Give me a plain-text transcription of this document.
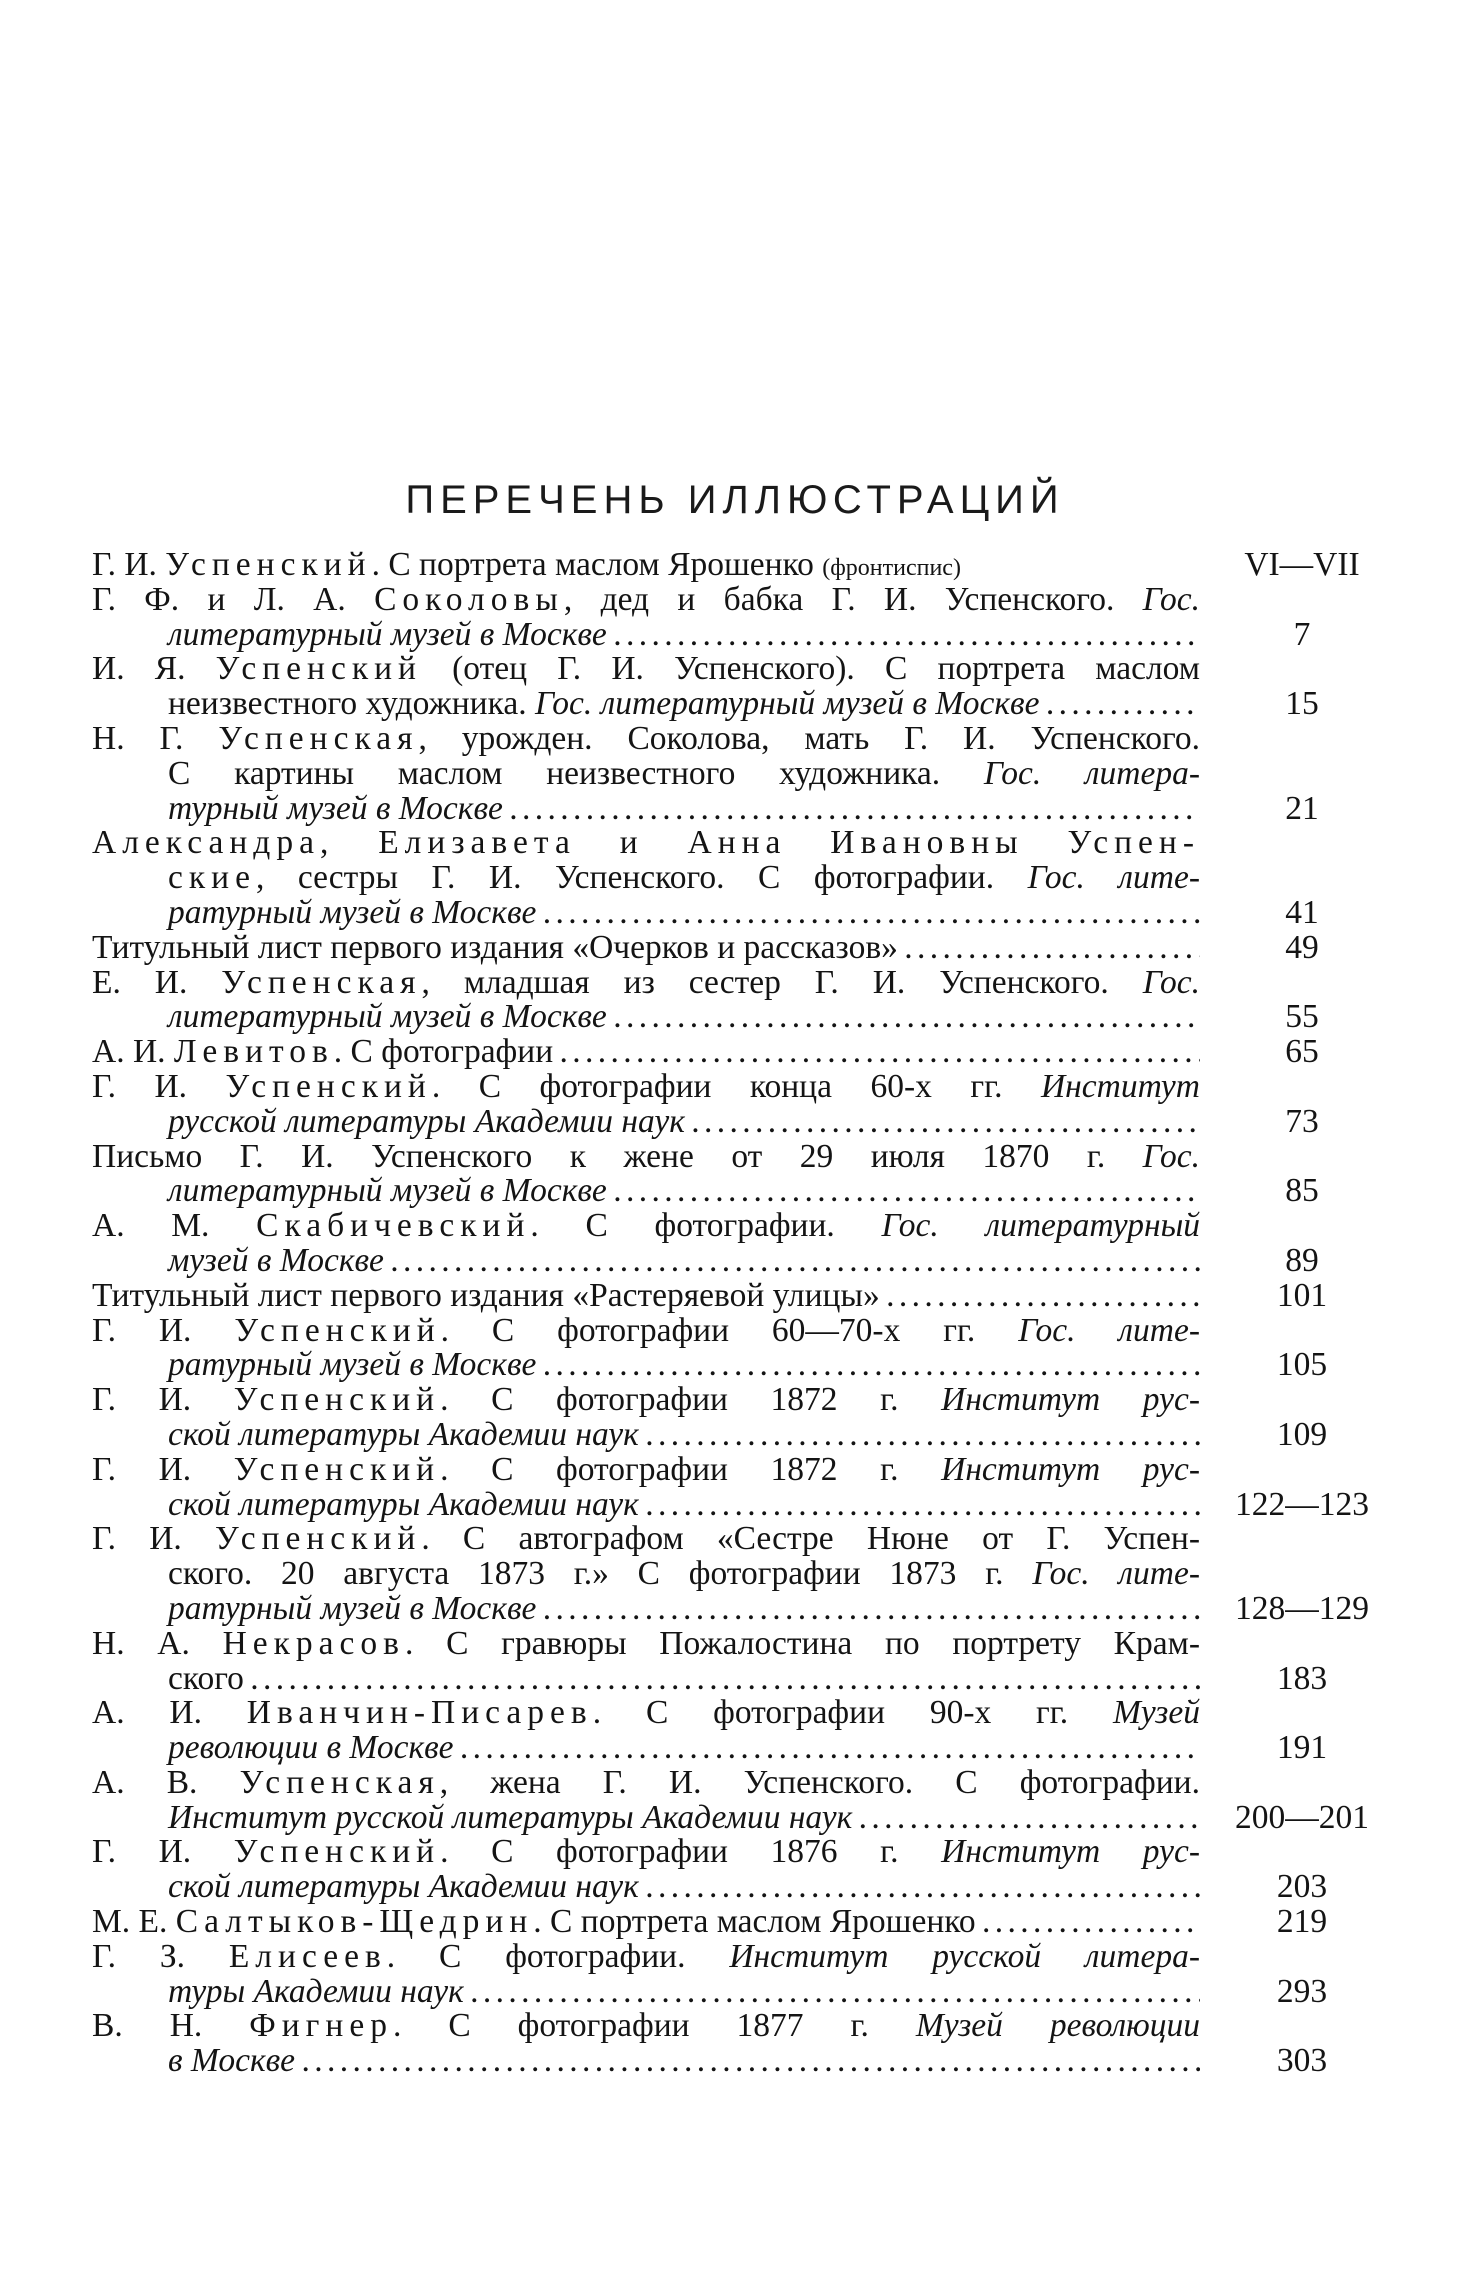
ПЕРЕЧЕНЬ ИЛЛЮСТРАЦИЙ
Г. И. Успенский. С портрета маслом Ярошенко (фронтиспис)	VI—VII
Г. Ф. и Л. А. Соколовы, дед и бабка Г. И. Успенского. Гос.
литературный музей в Москве . . .	7
И. Я. Успенский (отец Г. И. Успенского). С портрета маслом
неизвестного художника. Гос. литературный музей в Москве . . .	15
Н. Г. Успенская, урожден. Соколова, мать Г. И. Успенского.
С картины маслом неизвестного художника. Гос. литера-
турный музей в Москве . . .	21
Александра, Елизавета и Анна Ивановны Успен-
ские, сестры Г. И. Успенского. С фотографии. Гос. лите-
ратурный музей в Москве . . .	41
Титульный лист первого издания «Очерков и рассказов» . . .	49
Е. И. Успенская, младшая из сестер Г. И. Успенского. Гос.
литературный музей в Москве . . .	55
А. И. Левитов. С фотографии . . .	65
Г. И. Успенский. С фотографии конца 60-х гг. Институт
русской литературы Академии наук . . .	73
Письмо Г. И. Успенского к жене от 29 июля 1870 г. Гос.
литературный музей в Москве . . .	85
А. М. Скабичевский. С фотографии. Гос. литературный
музей в Москве . . .	89
Титульный лист первого издания «Растеряевой улицы» . . .	101
Г. И. Успенский. С фотографии 60—70-х гг. Гос. лите-
ратурный музей в Москве . . .	105
Г. И. Успенский. С фотографии 1872 г. Институт рус-
ской литературы Академии наук . . .	109
Г. И. Успенский. С фотографии 1872 г. Институт рус-
ской литературы Академии наук . . .	122—123
Г. И. Успенский. С автографом «Сестре Нюне от Г. Успен-
ского. 20 августа 1873 г.» С фотографии 1873 г. Гос. лите-
ратурный музей в Москве . . .	128—129
Н. А. Некрасов. С гравюры Пожалостина по портрету Крам-
ского . . .	183
А. И. Иванчин-Писарев. С фотографии 90-х гг. Музей
революции в Москве . . .	191
А. В. Успенская, жена Г. И. Успенского. С фотографии.
Институт русской литературы Академии наук . . .	200—201
Г. И. Успенский. С фотографии 1876 г. Институт рус-
ской литературы Академии наук . . .	203
М. Е. Салтыков-Щедрин. С портрета маслом Ярошенко . . .	219
Г. З. Елисеев. С фотографии. Институт русской литера-
туры Академии наук . . .	293
В. Н. Фигнер. С фотографии 1877 г. Музей революции
в Москве . . .	303
